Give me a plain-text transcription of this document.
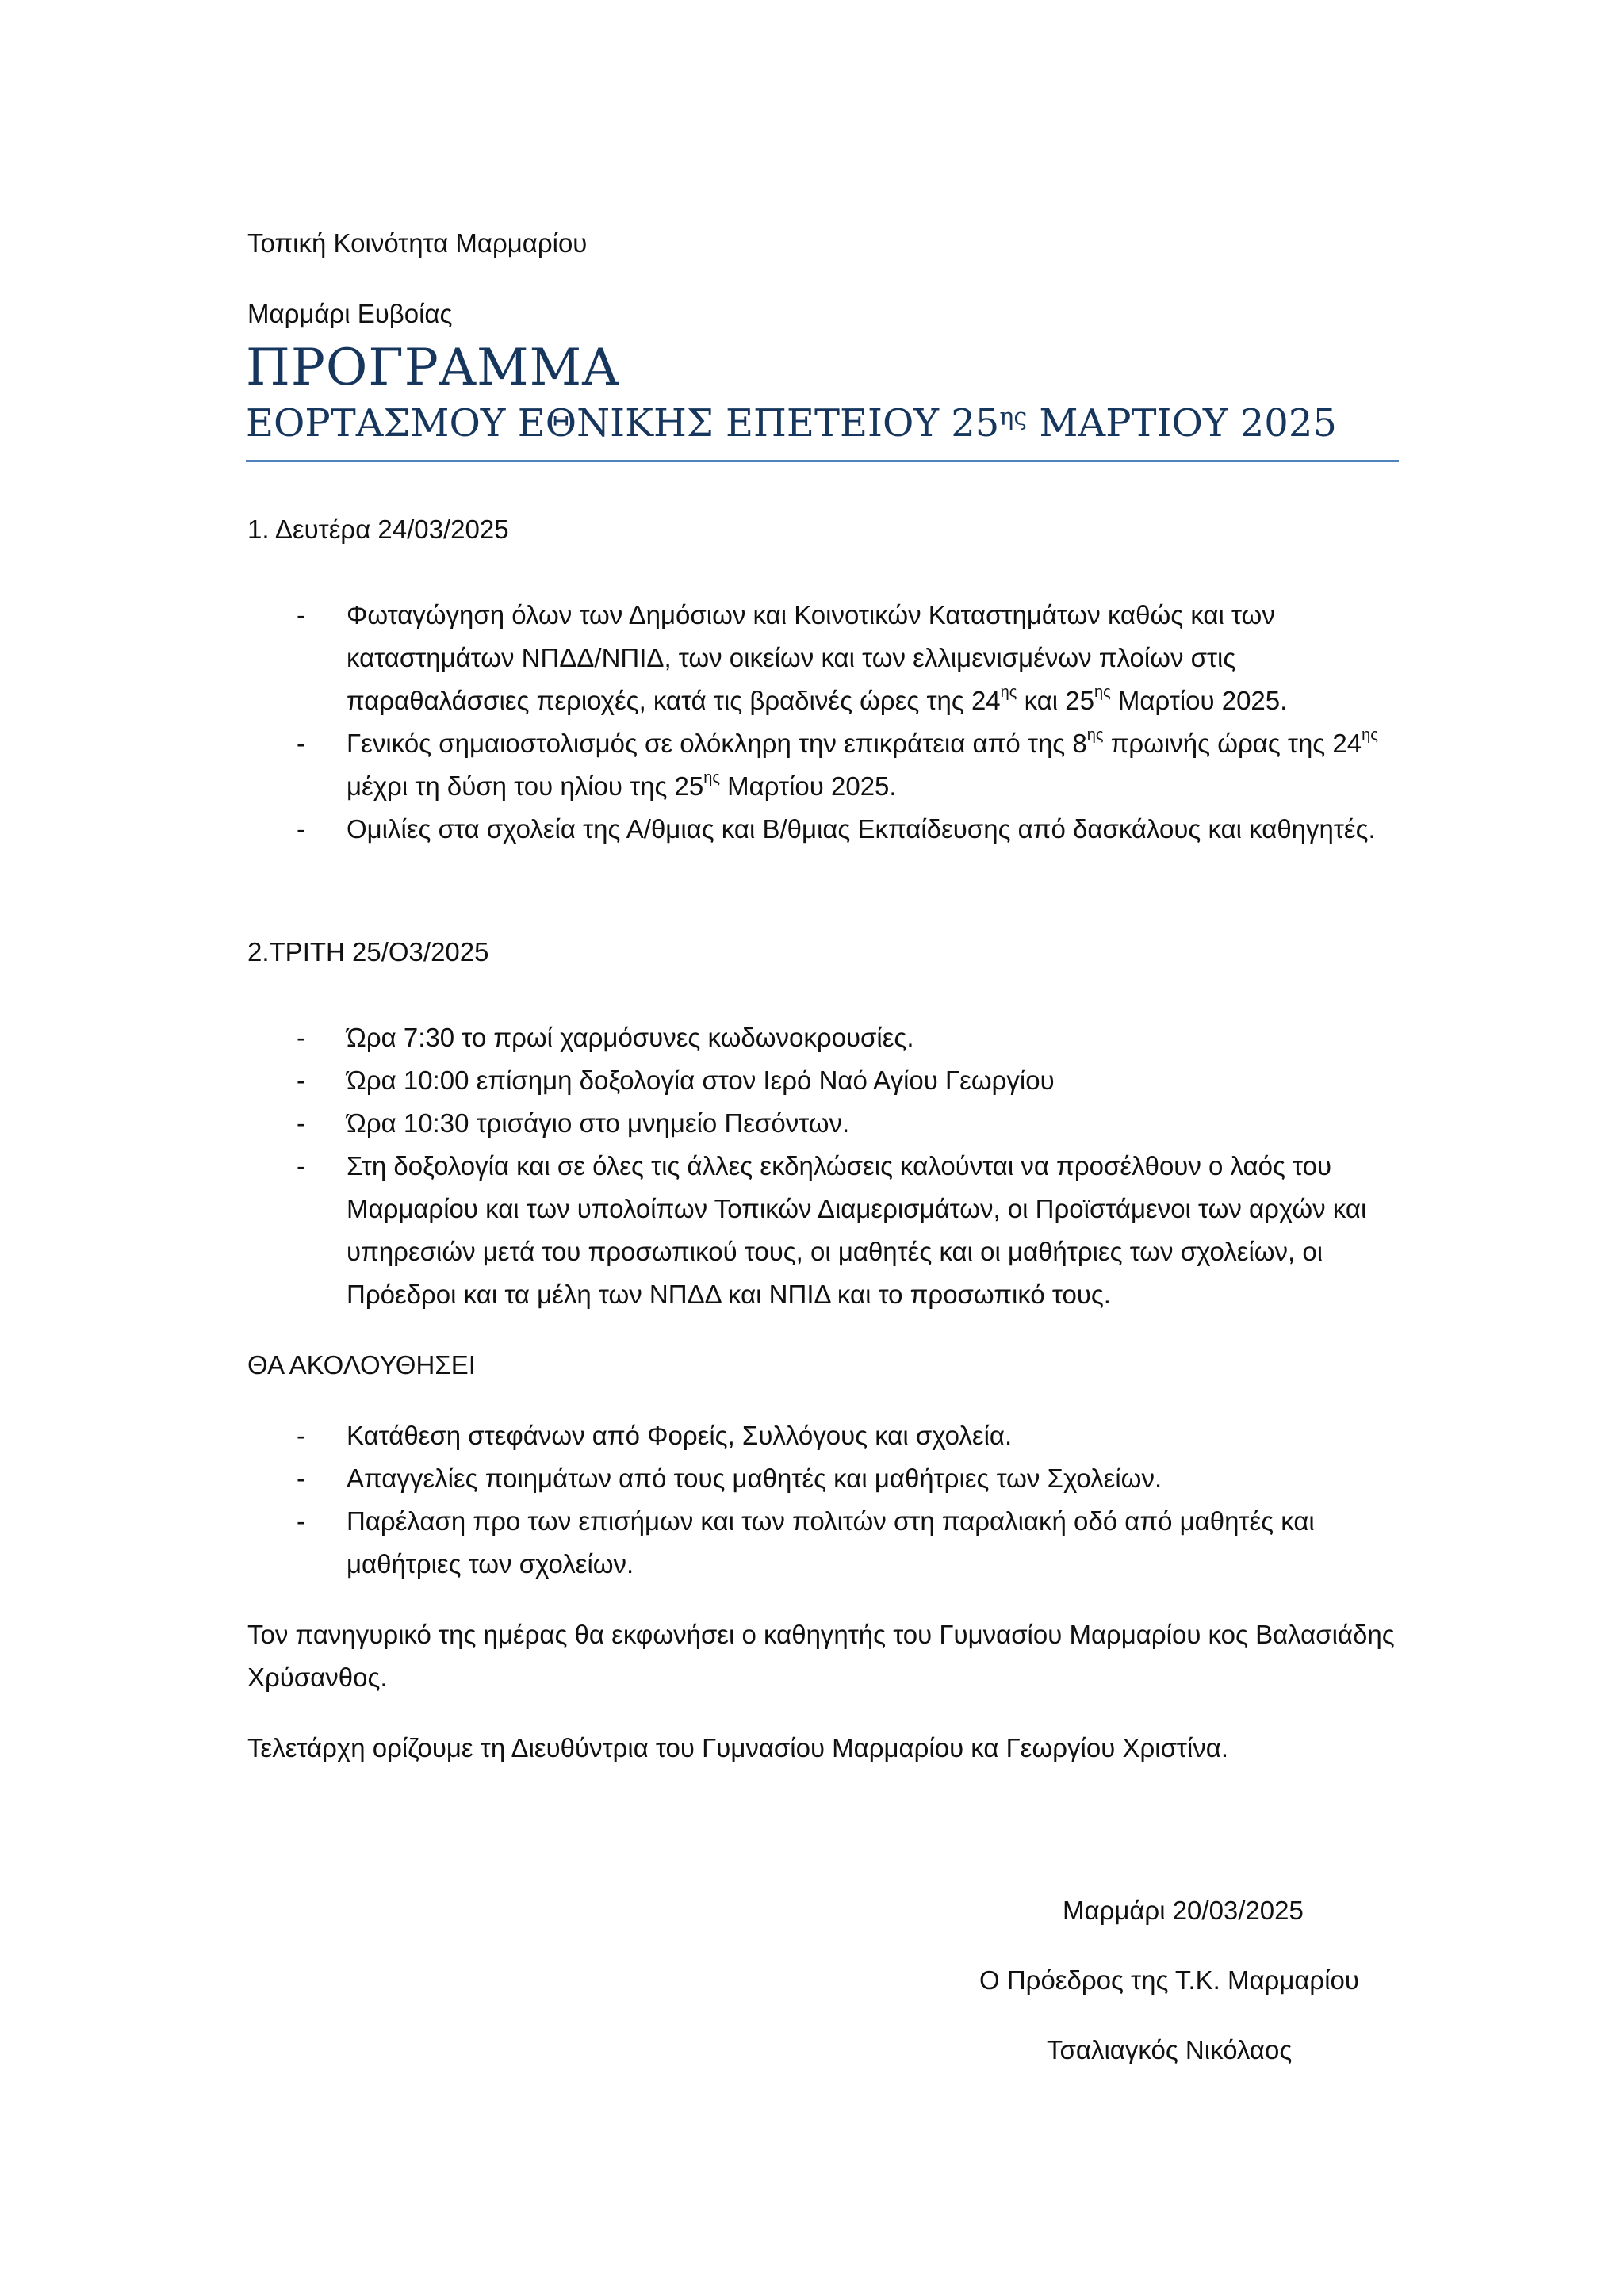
Τοπική Κοινότητα Μαρμαρίου

Μαρμάρι Ευβοίας

ΠΡΟΓΡΑΜΜΑ

ΕΟΡΤΑΣΜΟΥ ΕΘΝΙΚΗΣ ΕΠΕΤΕΙΟΥ $25^{\eta\varsigma}$ ΜΑΡΤΙΟΥ 2025

1. Δευτέρα 24/03/2025

- Φωταγώγηση όλων των Δημόσιων και Κοινοτικών Καταστημάτων καθώς και των καταστημάτων ΝΠΔΔ/ΝΠΙΔ, των οικείων και των ελλιμενισμένων πλοίων στις παραθαλάσσιες περιοχές, κατά τις βραδινές ώρες της $24^{\eta\varsigma}$ και $25^{\eta\varsigma}$ Μαρτίου 2025.
- Γενικός σημαιοστολισμός σε ολόκληρη την επικράτεια από της $8^{\eta\varsigma}$ πρωινής ώρας της $24^{\eta\varsigma}$ μέχρι τη δύση του ηλίου της $25^{\eta\varsigma}$ Μαρτίου 2025.
- Ομιλίες στα σχολεία της Α/θμιας και Β/θμιας Εκπαίδευσης από δασκάλους και καθηγητές.

2.ΤΡΙΤΗ 25/Ο3/2025

- Ώρα 7:30 το πρωί χαρμόσυνες κωδωνοκρουσίες.
- Ώρα 10:00 επίσημη δοξολογία στον Ιερό Ναό Αγίου Γεωργίου
- Ώρα 10:30 τρισάγιο στο μνημείο Πεσόντων.
- Στη δοξολογία και σε όλες τις άλλες εκδηλώσεις καλούνται να προσέλθουν ο λαός του Μαρμαρίου και των υπολοίπων Τοπικών Διαμερισμάτων, οι Προϊστάμενοι των αρχών και υπηρεσιών μετά του προσωπικού τους, οι μαθητές και οι μαθήτριες των σχολείων, οι Πρόεδροι και τα μέλη των ΝΠΔΔ και ΝΠΙΔ και το προσωπικό τους.

ΘΑ ΑΚΟΛΟΥΘΗΣΕΙ

- Κατάθεση στεφάνων από Φορείς, Συλλόγους και σχολεία.
- Απαγγελίες ποιημάτων από τους μαθητές και μαθήτριες των Σχολείων.
- Παρέλαση προ των επισήμων και των πολιτών στη παραλιακή οδό από μαθητές και μαθήτριες των σχολείων.

Τον πανηγυρικό της ημέρας θα εκφωνήσει ο καθηγητής του Γυμνασίου Μαρμαρίου κος Βαλασιάδης Χρύσανθος.

Τελετάρχη ορίζουμε τη Διευθύντρια του Γυμνασίου Μαρμαρίου κα Γεωργίου Χριστίνα.

Μαρμάρι 20/03/2025

Ο Πρόεδρος της Τ.Κ. Μαρμαρίου

Τσαλιαγκός Νικόλαος
